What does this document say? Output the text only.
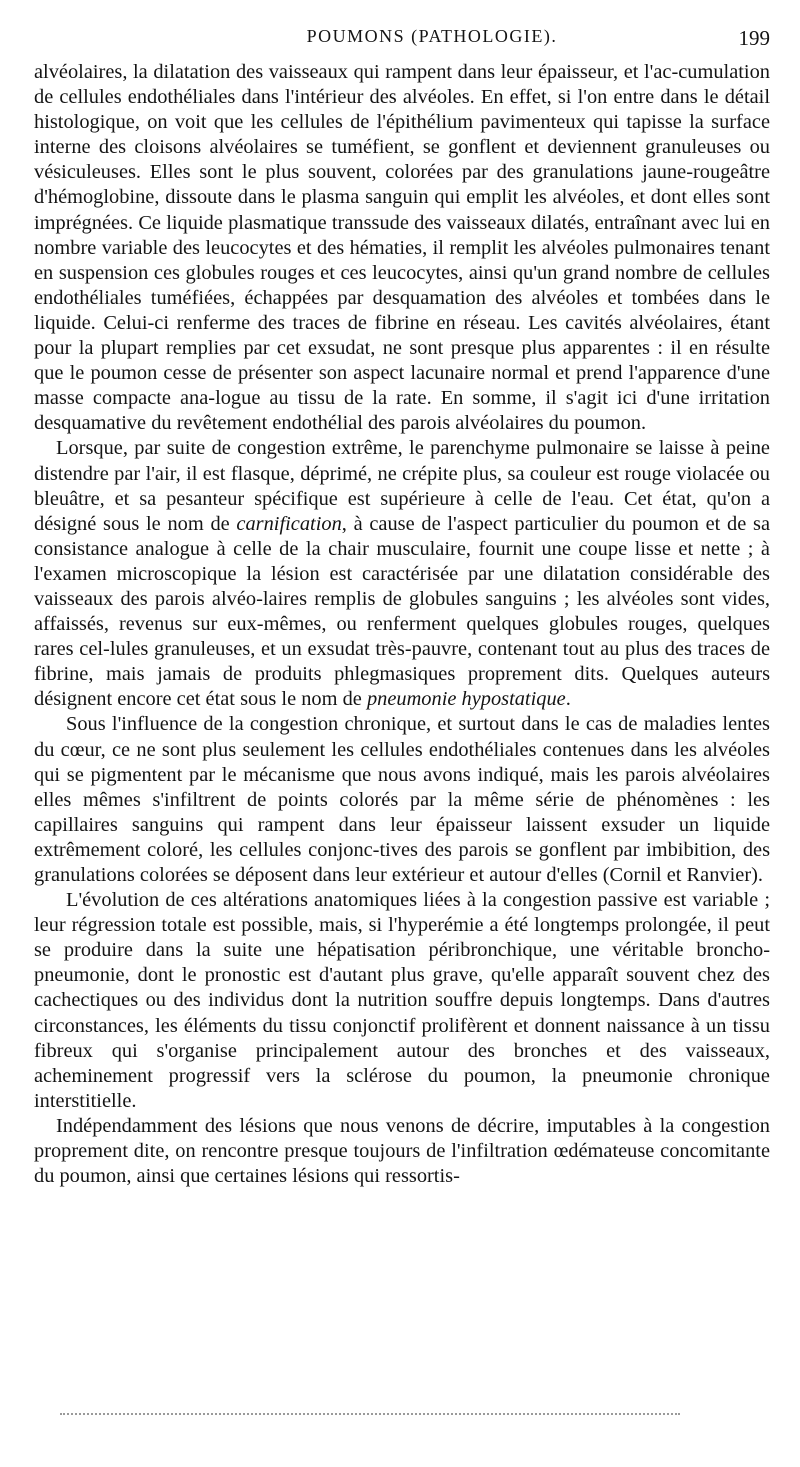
POUMONS (PATHOLOGIE).	199

alvéolaires, la dilatation des vaisseaux qui rampent dans leur épaisseur, et l'ac-cumulation de cellules endothéliales dans l'intérieur des alvéoles. En effet, si l'on entre dans le détail histologique, on voit que les cellules de l'épithélium pavimenteux qui tapisse la surface interne des cloisons alvéolaires se tuméfient, se gonflent et deviennent granuleuses ou vésiculeuses. Elles sont le plus souvent, colorées par des granulations jaune-rougeâtre d'hémoglobine, dissoute dans le plasma sanguin qui emplit les alvéoles, et dont elles sont imprégnées. Ce liquide plasmatique transsude des vaisseaux dilatés, entraînant avec lui en nombre variable des leucocytes et des hématies, il remplit les alvéoles pulmonaires tenant en suspension ces globules rouges et ces leucocytes, ainsi qu'un grand nombre de cellules endothéliales tuméfiées, échappées par desquamation des alvéoles et tombées dans le liquide. Celui-ci renferme des traces de fibrine en réseau. Les cavités alvéolaires, étant pour la plupart remplies par cet exsudat, ne sont presque plus apparentes : il en résulte que le poumon cesse de présenter son aspect lacunaire normal et prend l'apparence d'une masse compacte ana-logue au tissu de la rate. En somme, il s'agit ici d'une irritation desquamative du revêtement endothélial des parois alvéolaires du poumon.

Lorsque, par suite de congestion extrême, le parenchyme pulmonaire se laisse à peine distendre par l'air, il est flasque, déprimé, ne crépite plus, sa couleur est rouge violacée ou bleuâtre, et sa pesanteur spécifique est supérieure à celle de l'eau. Cet état, qu'on a désigné sous le nom de carnification, à cause de l'aspect particulier du poumon et de sa consistance analogue à celle de la chair musculaire, fournit une coupe lisse et nette ; à l'examen microscopique la lésion est caractérisée par une dilatation considérable des vaisseaux des parois alvéo-laires remplis de globules sanguins ; les alvéoles sont vides, affaissés, revenus sur eux-mêmes, ou renferment quelques globules rouges, quelques rares cel-lules granuleuses, et un exsudat très-pauvre, contenant tout au plus des traces de fibrine, mais jamais de produits phlegmasiques proprement dits. Quelques auteurs désignent encore cet état sous le nom de pneumonie hypostatique.

Sous l'influence de la congestion chronique, et surtout dans le cas de maladies lentes du cœur, ce ne sont plus seulement les cellules endothéliales contenues dans les alvéoles qui se pigmentent par le mécanisme que nous avons indiqué, mais les parois alvéolaires elles mêmes s'infiltrent de points colorés par la même série de phénomènes : les capillaires sanguins qui rampent dans leur épaisseur laissent exsuder un liquide extrêmement coloré, les cellules conjonc-tives des parois se gonflent par imbibition, des granulations colorées se déposent dans leur extérieur et autour d'elles (Cornil et Ranvier).

L'évolution de ces altérations anatomiques liées à la congestion passive est variable ; leur régression totale est possible, mais, si l'hyperémie a été longtemps prolongée, il peut se produire dans la suite une hépatisation péribronchique, une véritable broncho-pneumonie, dont le pronostic est d'autant plus grave, qu'elle apparaît souvent chez des cachectiques ou des individus dont la nutrition souffre depuis longtemps. Dans d'autres circonstances, les éléments du tissu conjonctif prolifèrent et donnent naissance à un tissu fibreux qui s'organise principalement autour des bronches et des vaisseaux, acheminement progressif vers la sclérose du poumon, la pneumonie chronique interstitielle.

Indépendamment des lésions que nous venons de décrire, imputables à la congestion proprement dite, on rencontre presque toujours de l'infiltration œdémateuse concomitante du poumon, ainsi que certaines lésions qui ressortis-
